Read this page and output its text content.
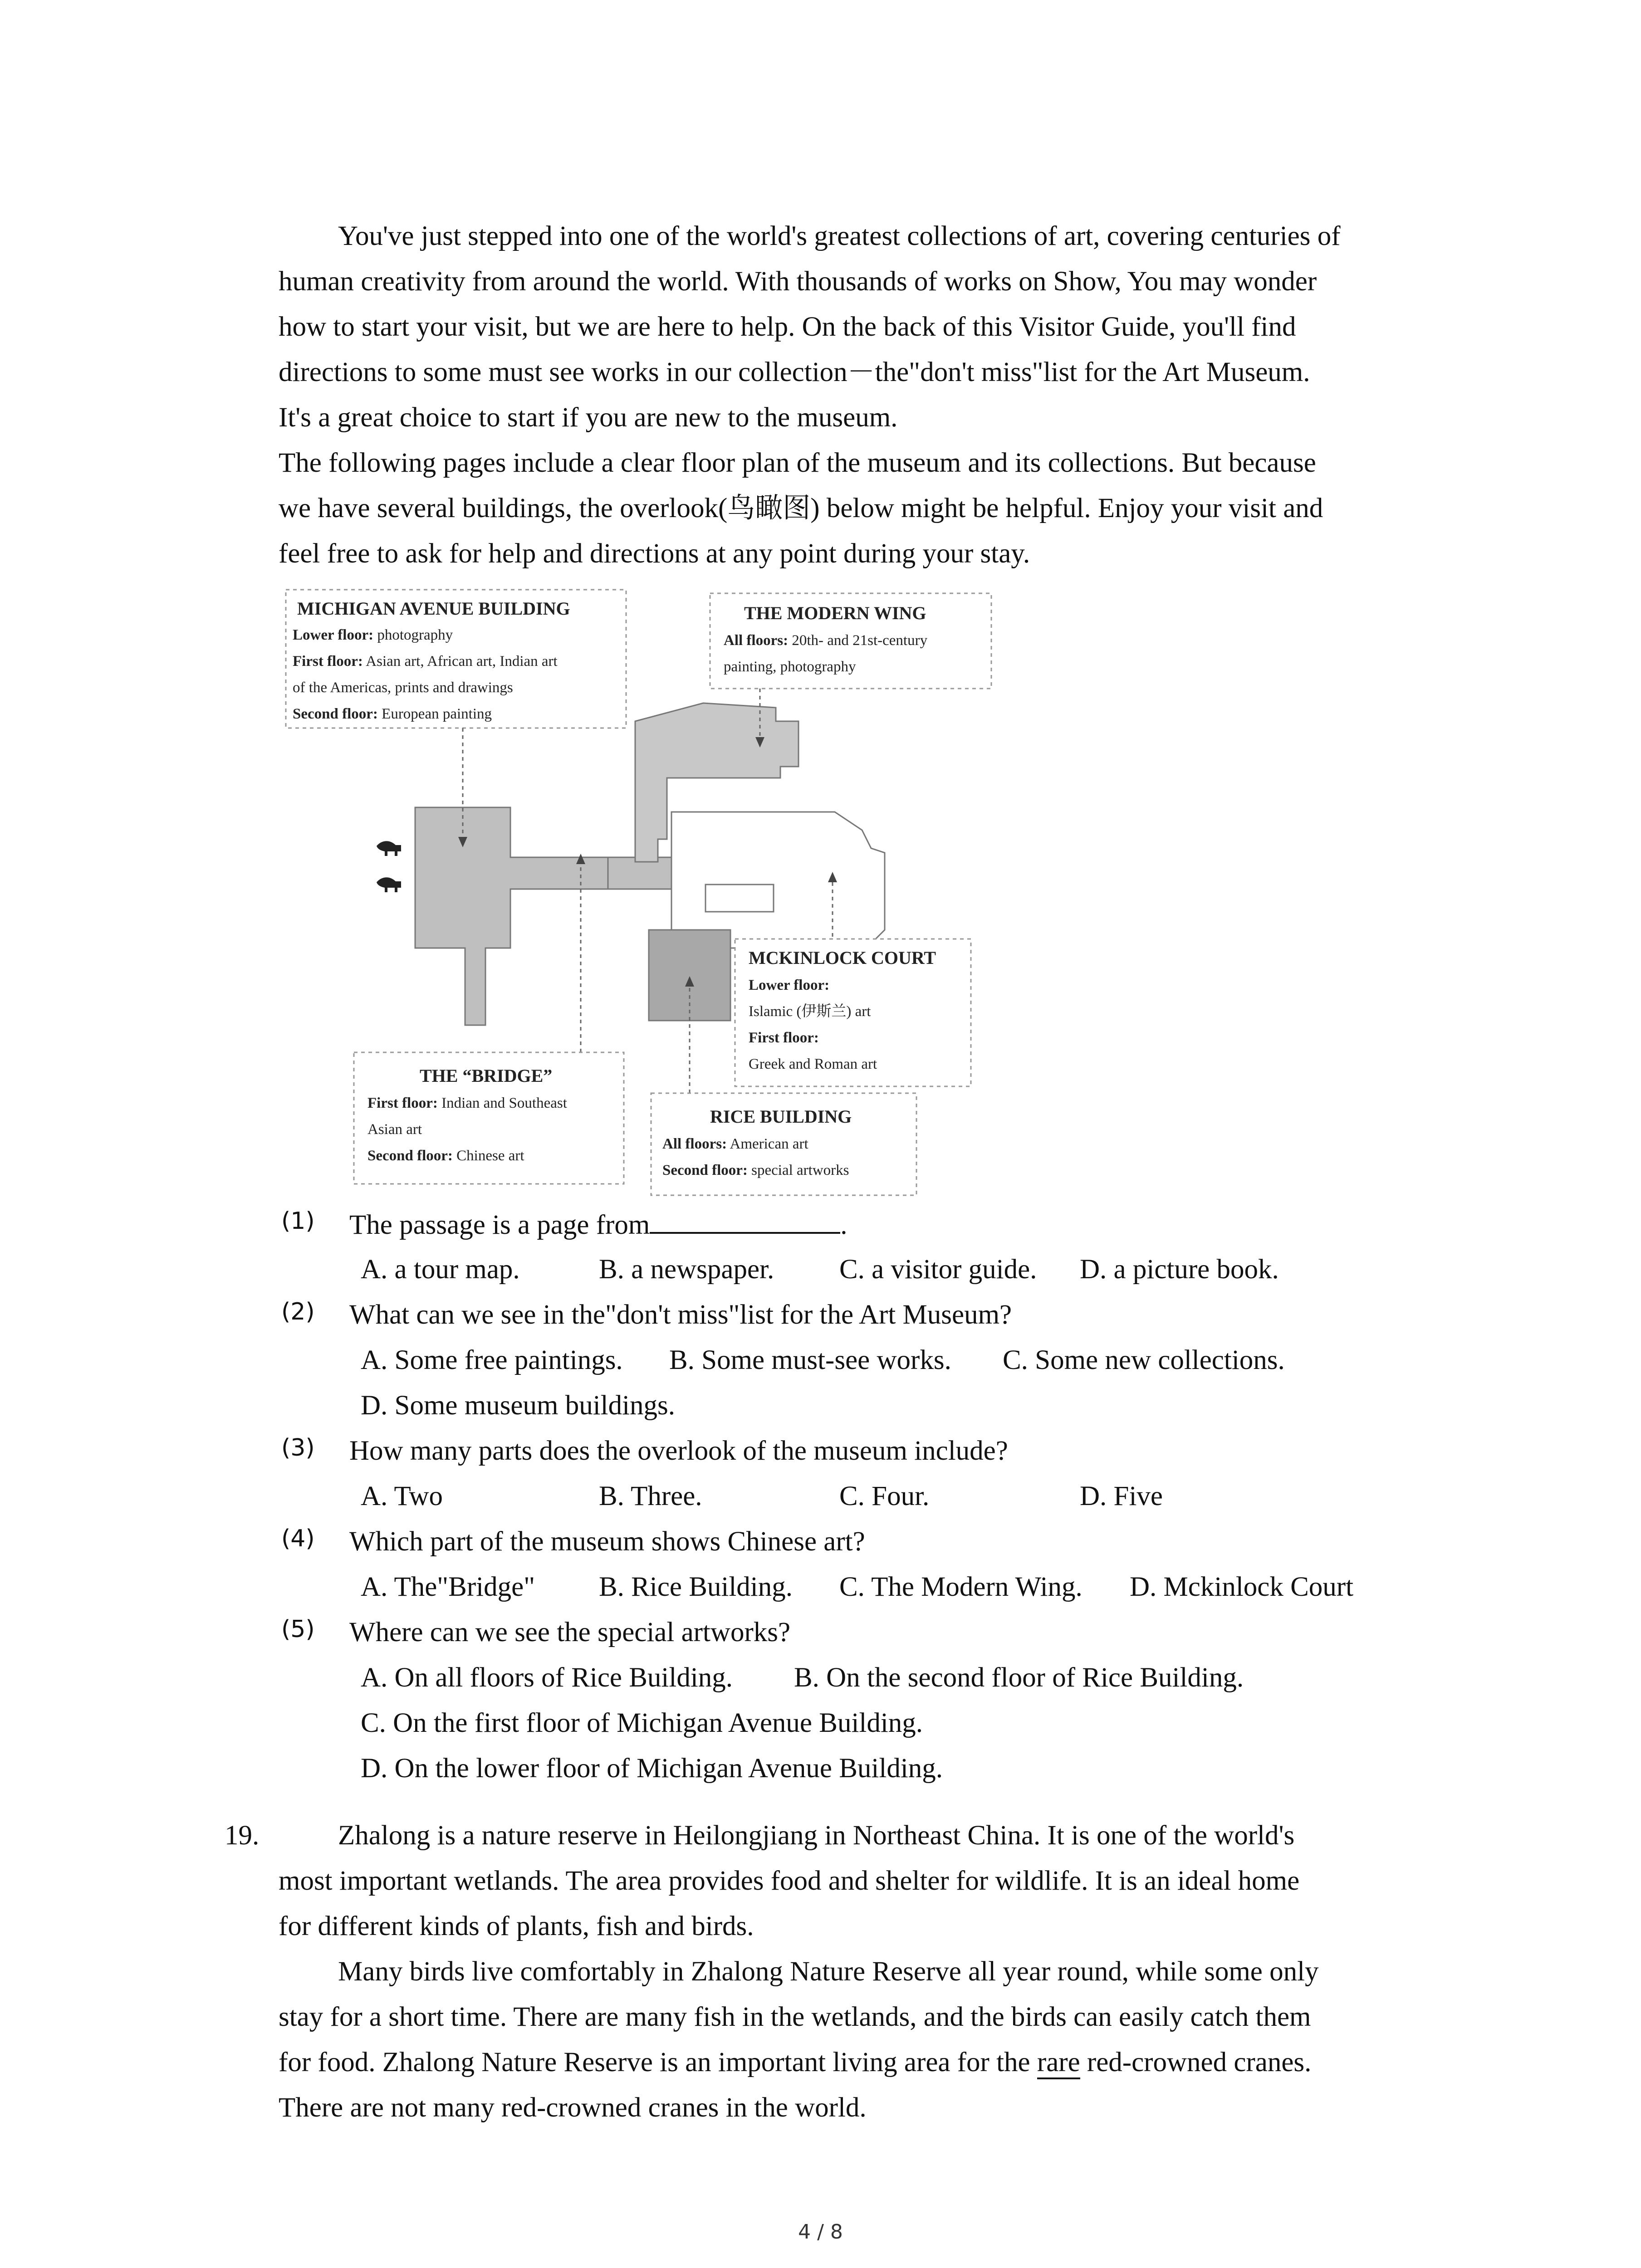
You've just stepped into one of the world's greatest collections of art, covering centuries of
human creativity from around the world. With thousands of works on Show, You may wonder
how to start your visit, but we are here to help. On the back of this Visitor Guide, you'll find
directions to some must see works in our collection－the"don't miss"list for the Art Museum.
It's a great choice to start if you are new to the museum.
The following pages include a clear floor plan of the museum and its collections. But because
we have several buildings, the overlook(鸟瞰图) below might be helpful. Enjoy your visit and
feel free to ask for help and directions at any point during your stay.
MICHIGAN AVENUE BUILDING
Lower floor: photography
First floor: Asian art, African art, Indian art
of the Americas, prints and drawings
Second floor: European painting
THE MODERN WING
All floors: 20th- and 21st-century
painting, photography
MCKINLOCK COURT
Lower floor:
Islamic (伊斯兰) art
First floor:
Greek and Roman art
THE “BRIDGE”
First floor: Indian and Southeast
Asian art
Second floor: Chinese art
RICE BUILDING
All floors: American art
Second floor: special artworks
(1) The passage is a page from	.
A. a tour map.	B. a newspaper. C. a visitor guide. D. a picture book.
(2) What can we see in the"don't miss"list for the Art Museum?
A. Some free paintings. B. Some must-see works. C. Some new collections.
D. Some museum buildings.
(3) How many parts does the overlook of the museum include?
A. Two	B. Three.	C. Four.	D. Five
(4) Which part of the museum shows Chinese art?
A. The"Bridge" B. Rice Building. C. The Modern Wing. D. Mckinlock Court
(5) Where can we see the special artworks?
A. On all floors of Rice Building. B. On the second floor of Rice Building.
C. On the first floor of Michigan Avenue Building.
D. On the lower floor of Michigan Avenue Building.
19.	Zhalong is a nature reserve in Heilongjiang in Northeast China. It is one of the world's
most important wetlands. The area provides food and shelter for wildlife. It is an ideal home
for different kinds of plants, fish and birds.
Many birds live comfortably in Zhalong Nature Reserve all year round, while some only
stay for a short time. There are many fish in the wetlands, and the birds can easily catch them
for food. Zhalong Nature Reserve is an important living area for the rare red-crowned cranes.
There are not many red-crowned cranes in the world.
4 / 8
